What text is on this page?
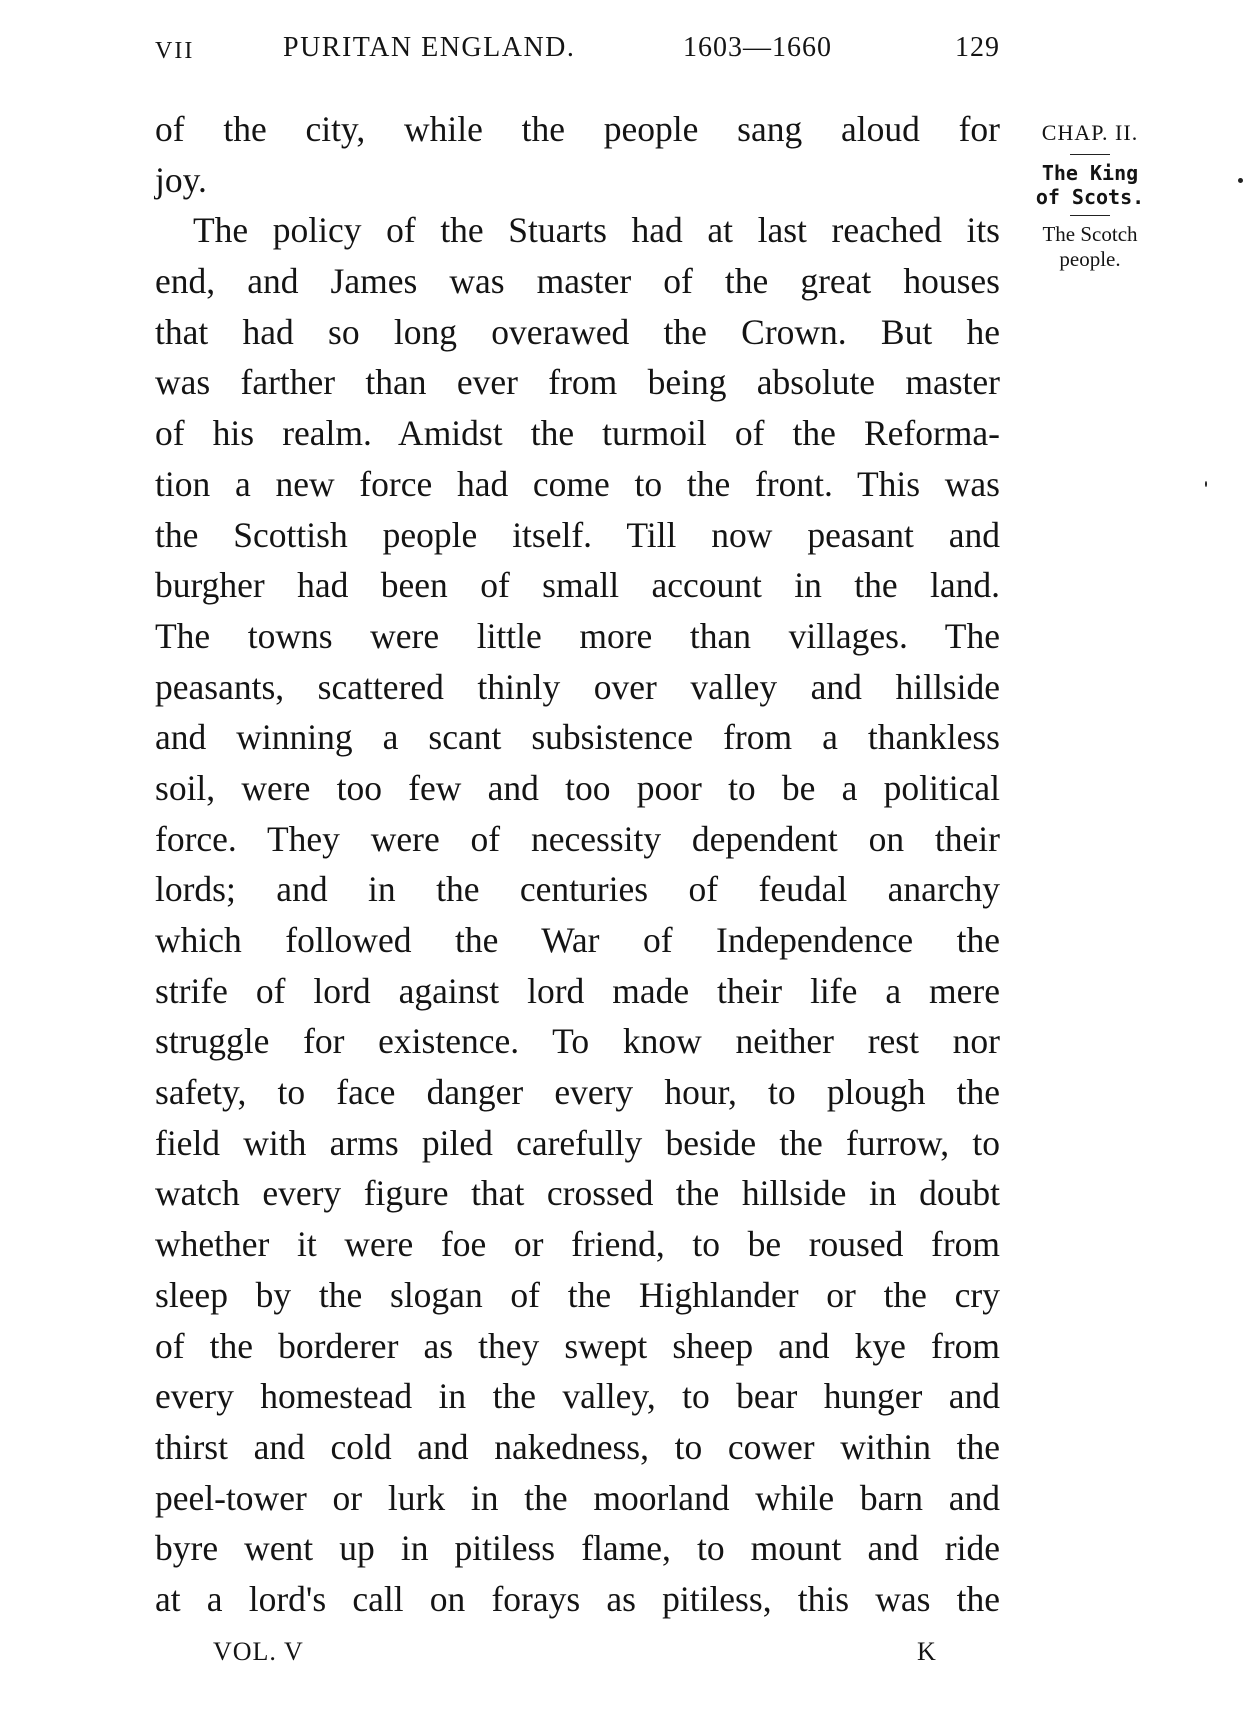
VII	PURITAN ENGLAND.	1603—1660	129
of the city, while the people sang aloud for
joy.
The policy of the Stuarts had at last reached its
end, and James was master of the great houses
that had so long overawed the Crown. But he
was farther than ever from being absolute master
of his realm. Amidst the turmoil of the Reforma-
tion a new force had come to the front. This was
the Scottish people itself. Till now peasant and
burgher had been of small account in the land.
The towns were little more than villages. The
peasants, scattered thinly over valley and hillside
and winning a scant subsistence from a thankless
soil, were too few and too poor to be a political
force. They were of necessity dependent on their
lords; and in the centuries of feudal anarchy
which followed the War of Independence the
strife of lord against lord made their life a mere
struggle for existence. To know neither rest nor
safety, to face danger every hour, to plough the
field with arms piled carefully beside the furrow, to
watch every figure that crossed the hillside in doubt
whether it were foe or friend, to be roused from
sleep by the slogan of the Highlander or the cry
of the borderer as they swept sheep and kye from
every homestead in the valley, to bear hunger and
thirst and cold and nakedness, to cower within the
peel-tower or lurk in the moorland while barn and
byre went up in pitiless flame, to mount and ride
at a lord's call on forays as pitiless, this was the
CHAP. II.
The King
of Scots.
The Scotch
people.
VOL. V	K
